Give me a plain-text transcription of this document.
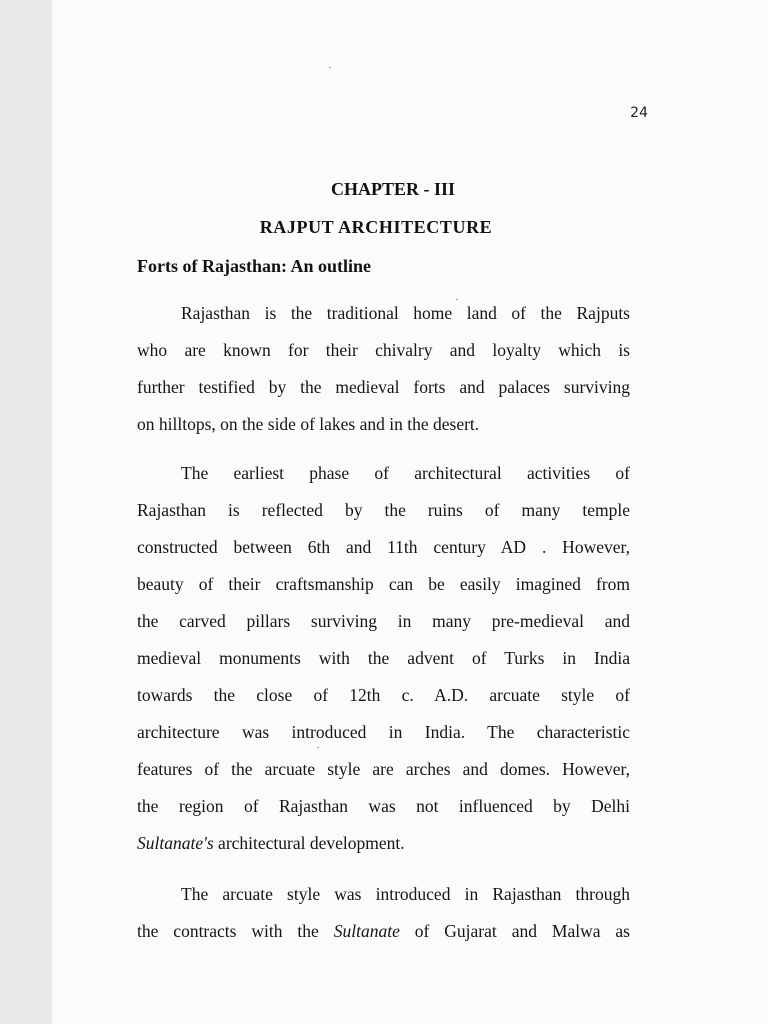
24
CHAPTER - III
RAJPUT ARCHITECTURE
Forts of Rajasthan: An outline

Rajasthan is the traditional home land of the Rajputs
who are known for their chivalry and loyalty which is
further testified by the medieval forts and palaces surviving
on hilltops, on the side of lakes and in the desert.

The earliest phase of architectural activities of
Rajasthan is reflected by the ruins of many temple
constructed between 6th and 11th century AD . However,
beauty of their craftsmanship can be easily imagined from
the carved pillars surviving in many pre-medieval and
medieval monuments with the advent of Turks in India
towards the close of 12th c. A.D. arcuate style of
architecture was introduced in India. The characteristic
features of the arcuate style are arches and domes. However,
the region of Rajasthan was not influenced by Delhi
Sultanate's architectural development.

The arcuate style was introduced in Rajasthan through
the contracts with the Sultanate of Gujarat and Malwa as
